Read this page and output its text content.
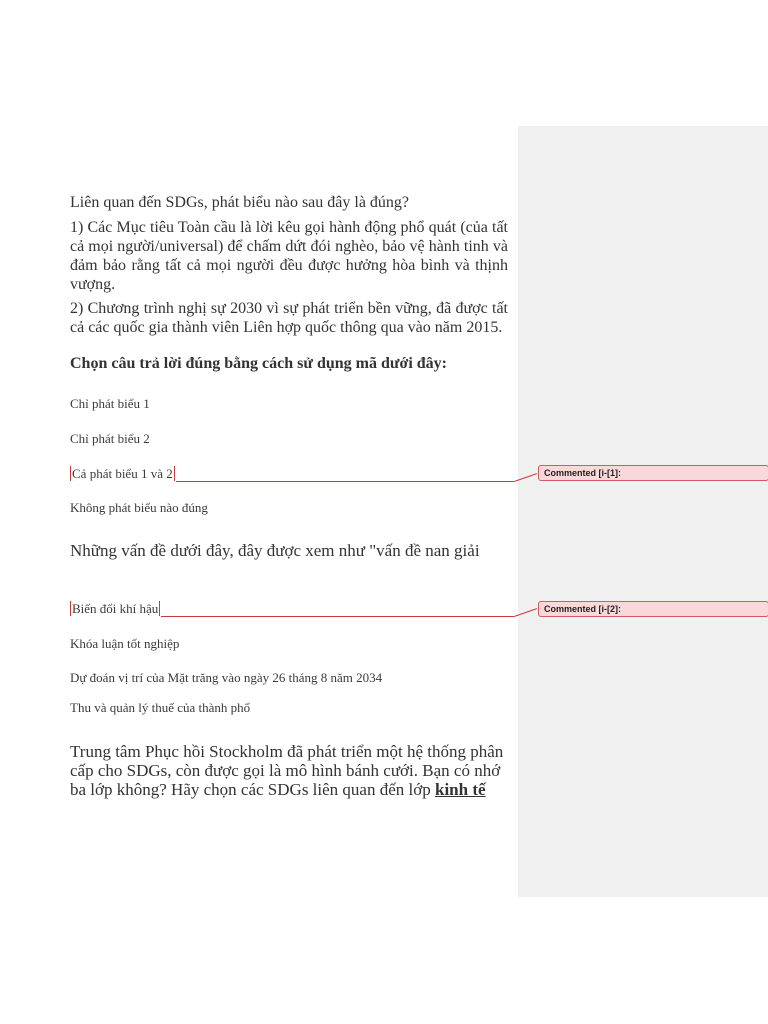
Liên quan đến SDGs, phát biểu nào sau đây là đúng?

1) Các Mục tiêu Toàn cầu là lời kêu gọi hành động phổ quát (của tất cả mọi người/universal) để chấm dứt đói nghèo, bảo vệ hành tinh và đảm bảo rằng tất cả mọi người đều được hưởng hòa bình và thịnh vượng.

2) Chương trình nghị sự 2030 vì sự phát triển bền vững, đã được tất cả các quốc gia thành viên Liên hợp quốc thông qua vào năm 2015.

Chọn câu trả lời đúng bằng cách sử dụng mã dưới đây:

Chỉ phát biểu 1

Chỉ phát biểu 2

Cả phát biểu 1 và 2

Không phát biểu nào đúng

Commented [i-[1]:

Những vấn đề dưới đây, đây được xem như "vấn đề nan giải

Biến đổi khí hậu

Khóa luận tốt nghiệp

Dự đoán vị trí của Mặt trăng vào ngày 26 tháng 8 năm 2034

Thu và quản lý thuế của thành phố

Commented [i-[2]:

Trung tâm Phục hồi Stockholm đã phát triển một hệ thống phân cấp cho SDGs, còn được gọi là mô hình bánh cưới. Bạn có nhớ ba lớp không? Hãy chọn các SDGs liên quan đến lớp kinh tế
